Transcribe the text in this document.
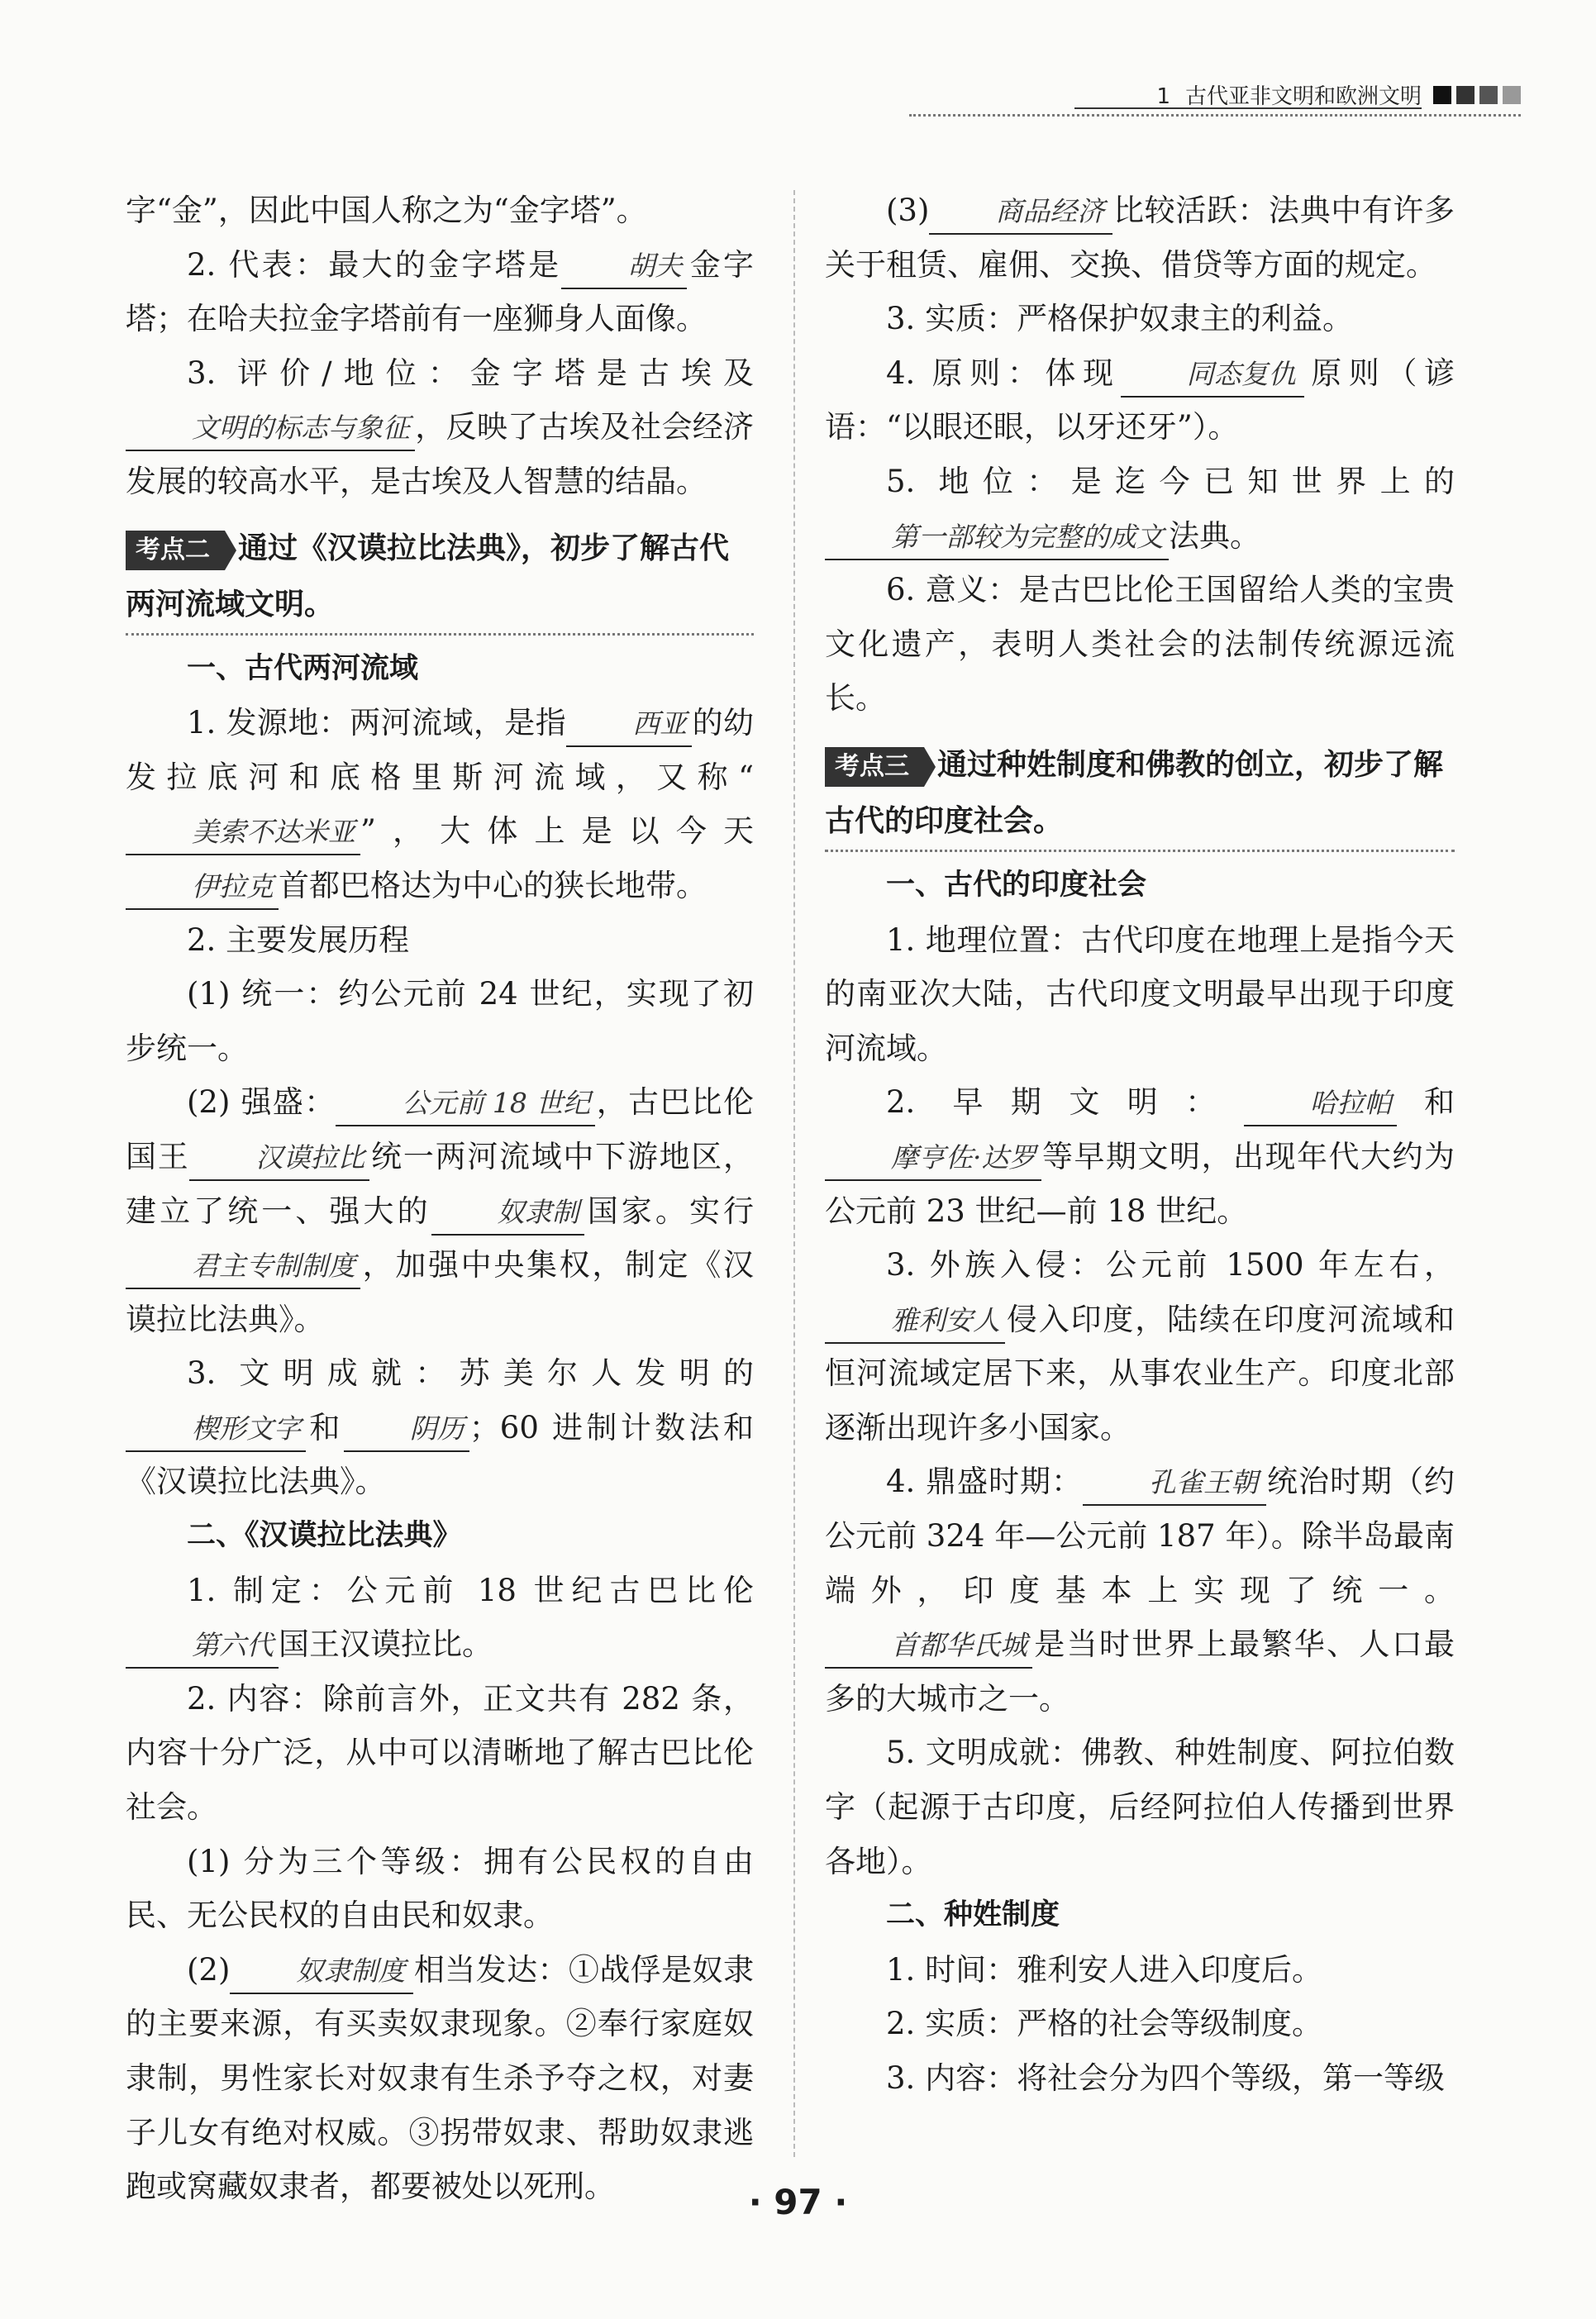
1 古代亚非文明和欧洲文明

字“金”，因此中国人称之为“金字塔”。

2. 代表：最大的金字塔是 胡夫 金字塔；在哈夫拉金字塔前有一座狮身人面像。

3. 评价/地位：金字塔是古埃及文明的标志与象征 ，反映了古埃及社会经济发展的较高水平，是古埃及人智慧的结晶。

考点二 通过《汉谟拉比法典》，初步了解古代两河流域文明。

一、古代两河流域

1. 发源地：两河流域，是指 西亚 的幼发拉底河和底格里斯河流域，又称“美索不达米亚 ”，大体上是以今天伊拉克 首都巴格达为中心的狭长地带。

2. 主要发展历程

(1) 统一：约公元前 24 世纪，实现了初步统一。

(2) 强盛： 公元前 18 世纪 ，古巴比伦国王 汉谟拉比 统一两河流域中下游地区，建立了统一、强大的 奴隶制 国家。实行君主专制制度 ，加强中央集权，制定《汉谟拉比法典》。

3. 文明成就：苏美尔人发明的楔形文字 和 阴历 ；60 进制计数法和《汉谟拉比法典》。

二、《汉谟拉比法典》

1. 制定：公元前 18 世纪古巴比伦第六代 国王汉谟拉比。

2. 内容：除前言外，正文共有 282 条，内容十分广泛，从中可以清晰地了解古巴比伦社会。

(1) 分为三个等级：拥有公民权的自由民、无公民权的自由民和奴隶。

(2) 奴隶制度 相当发达：①战俘是奴隶的主要来源，有买卖奴隶现象。②奉行家庭奴隶制，男性家长对奴隶有生杀予夺之权，对妻子儿女有绝对权威。③拐带奴隶、帮助奴隶逃跑或窝藏奴隶者，都要被处以死刑。

(3) 商品经济 比较活跃：法典中有许多关于租赁、雇佣、交换、借贷等方面的规定。

3. 实质：严格保护奴隶主的利益。

4. 原则：体现 同态复仇 原则（谚语：“以眼还眼，以牙还牙”）。

5. 地位：是迄今已知世界上的第一部较为完整的成文 法典。

6. 意义：是古巴比伦王国留给人类的宝贵文化遗产，表明人类社会的法制传统源远流长。

考点三 通过种姓制度和佛教的创立，初步了解古代的印度社会。

一、古代的印度社会

1. 地理位置：古代印度在地理上是指今天的南亚次大陆，古代印度文明最早出现于印度河流域。

2. 早期文明： 哈拉帕 和摩亨佐·达罗 等早期文明，出现年代大约为公元前 23 世纪—前 18 世纪。

3. 外族入侵：公元前 1500 年左右，雅利安人 侵入印度，陆续在印度河流域和恒河流域定居下来，从事农业生产。印度北部逐渐出现许多小国家。

4. 鼎盛时期： 孔雀王朝 统治时期（约公元前 324 年—公元前 187 年）。除半岛最南端外，印度基本上实现了统一。首都华氏城 是当时世界上最繁华、人口最多的大城市之一。

5. 文明成就：佛教、种姓制度、阿拉伯数字（起源于古印度，后经阿拉伯人传播到世界各地）。

二、种姓制度

1. 时间：雅利安人进入印度后。

2. 实质：严格的社会等级制度。

3. 内容：将社会分为四个等级，第一等级

· 97 ·
